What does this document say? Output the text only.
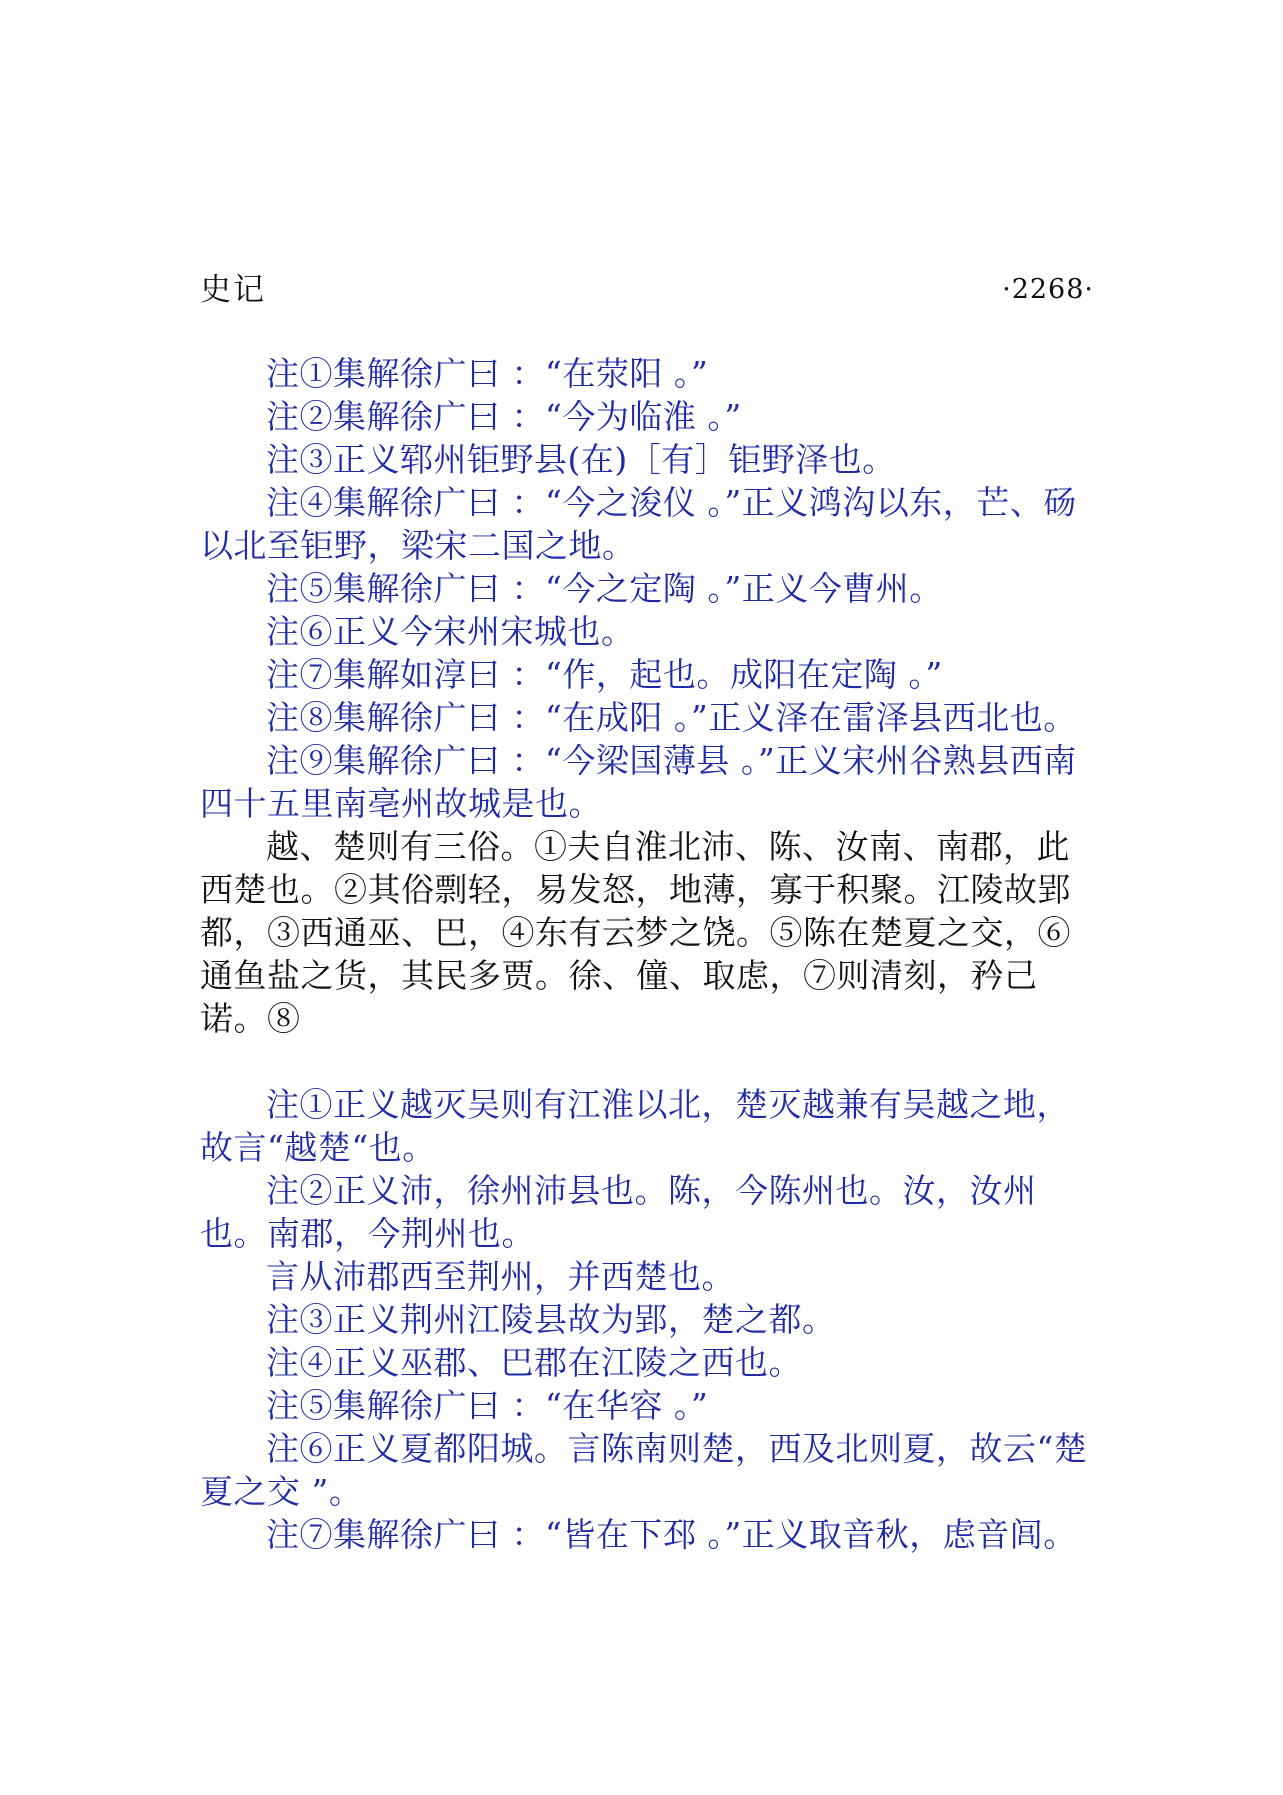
史记	·2268·

注①集解徐广曰 ：“在荥阳 。”

注②集解徐广曰 ：“今为临淮 。”

注③正义郓州钜野县(在)［有］钜野泽也。

注④集解徐广曰 ：“今之浚仪 。”正义鸿沟以东，芒、砀以北至钜野，梁宋二国之地。

注⑤集解徐广曰 ：“今之定陶 。”正义今曹州。

注⑥正义今宋州宋城也。

注⑦集解如淳曰 ：“作，起也。成阳在定陶 。”

注⑧集解徐广曰 ：“在成阳 。”正义泽在雷泽县西北也。

注⑨集解徐广曰 ：“今梁国薄县 。”正义宋州谷熟县西南四十五里南亳州故城是也。

越、楚则有三俗。①夫自淮北沛、陈、汝南、南郡，此西楚也。②其俗剽轻，易发怒，地薄，寡于积聚。江陵故郢都，③西通巫、巴，④东有云梦之饶。⑤陈在楚夏之交，⑥通鱼盐之货，其民多贾。徐、僮、取虑，⑦则清刻，矜己诺。⑧

注①正义越灭吴则有江淮以北，楚灭越兼有吴越之地，故言“越楚“也。

注②正义沛，徐州沛县也。陈，今陈州也。汝，汝州也。南郡，今荆州也。

言从沛郡西至荆州，并西楚也。

注③正义荆州江陵县故为郢，楚之都。

注④正义巫郡、巴郡在江陵之西也。

注⑤集解徐广曰 ：“在华容 。”

注⑥正义夏都阳城。言陈南则楚，西及北则夏，故云“楚夏之交 ”。

注⑦集解徐广曰 ：“皆在下邳 。”正义取音秋，虑音闾。
